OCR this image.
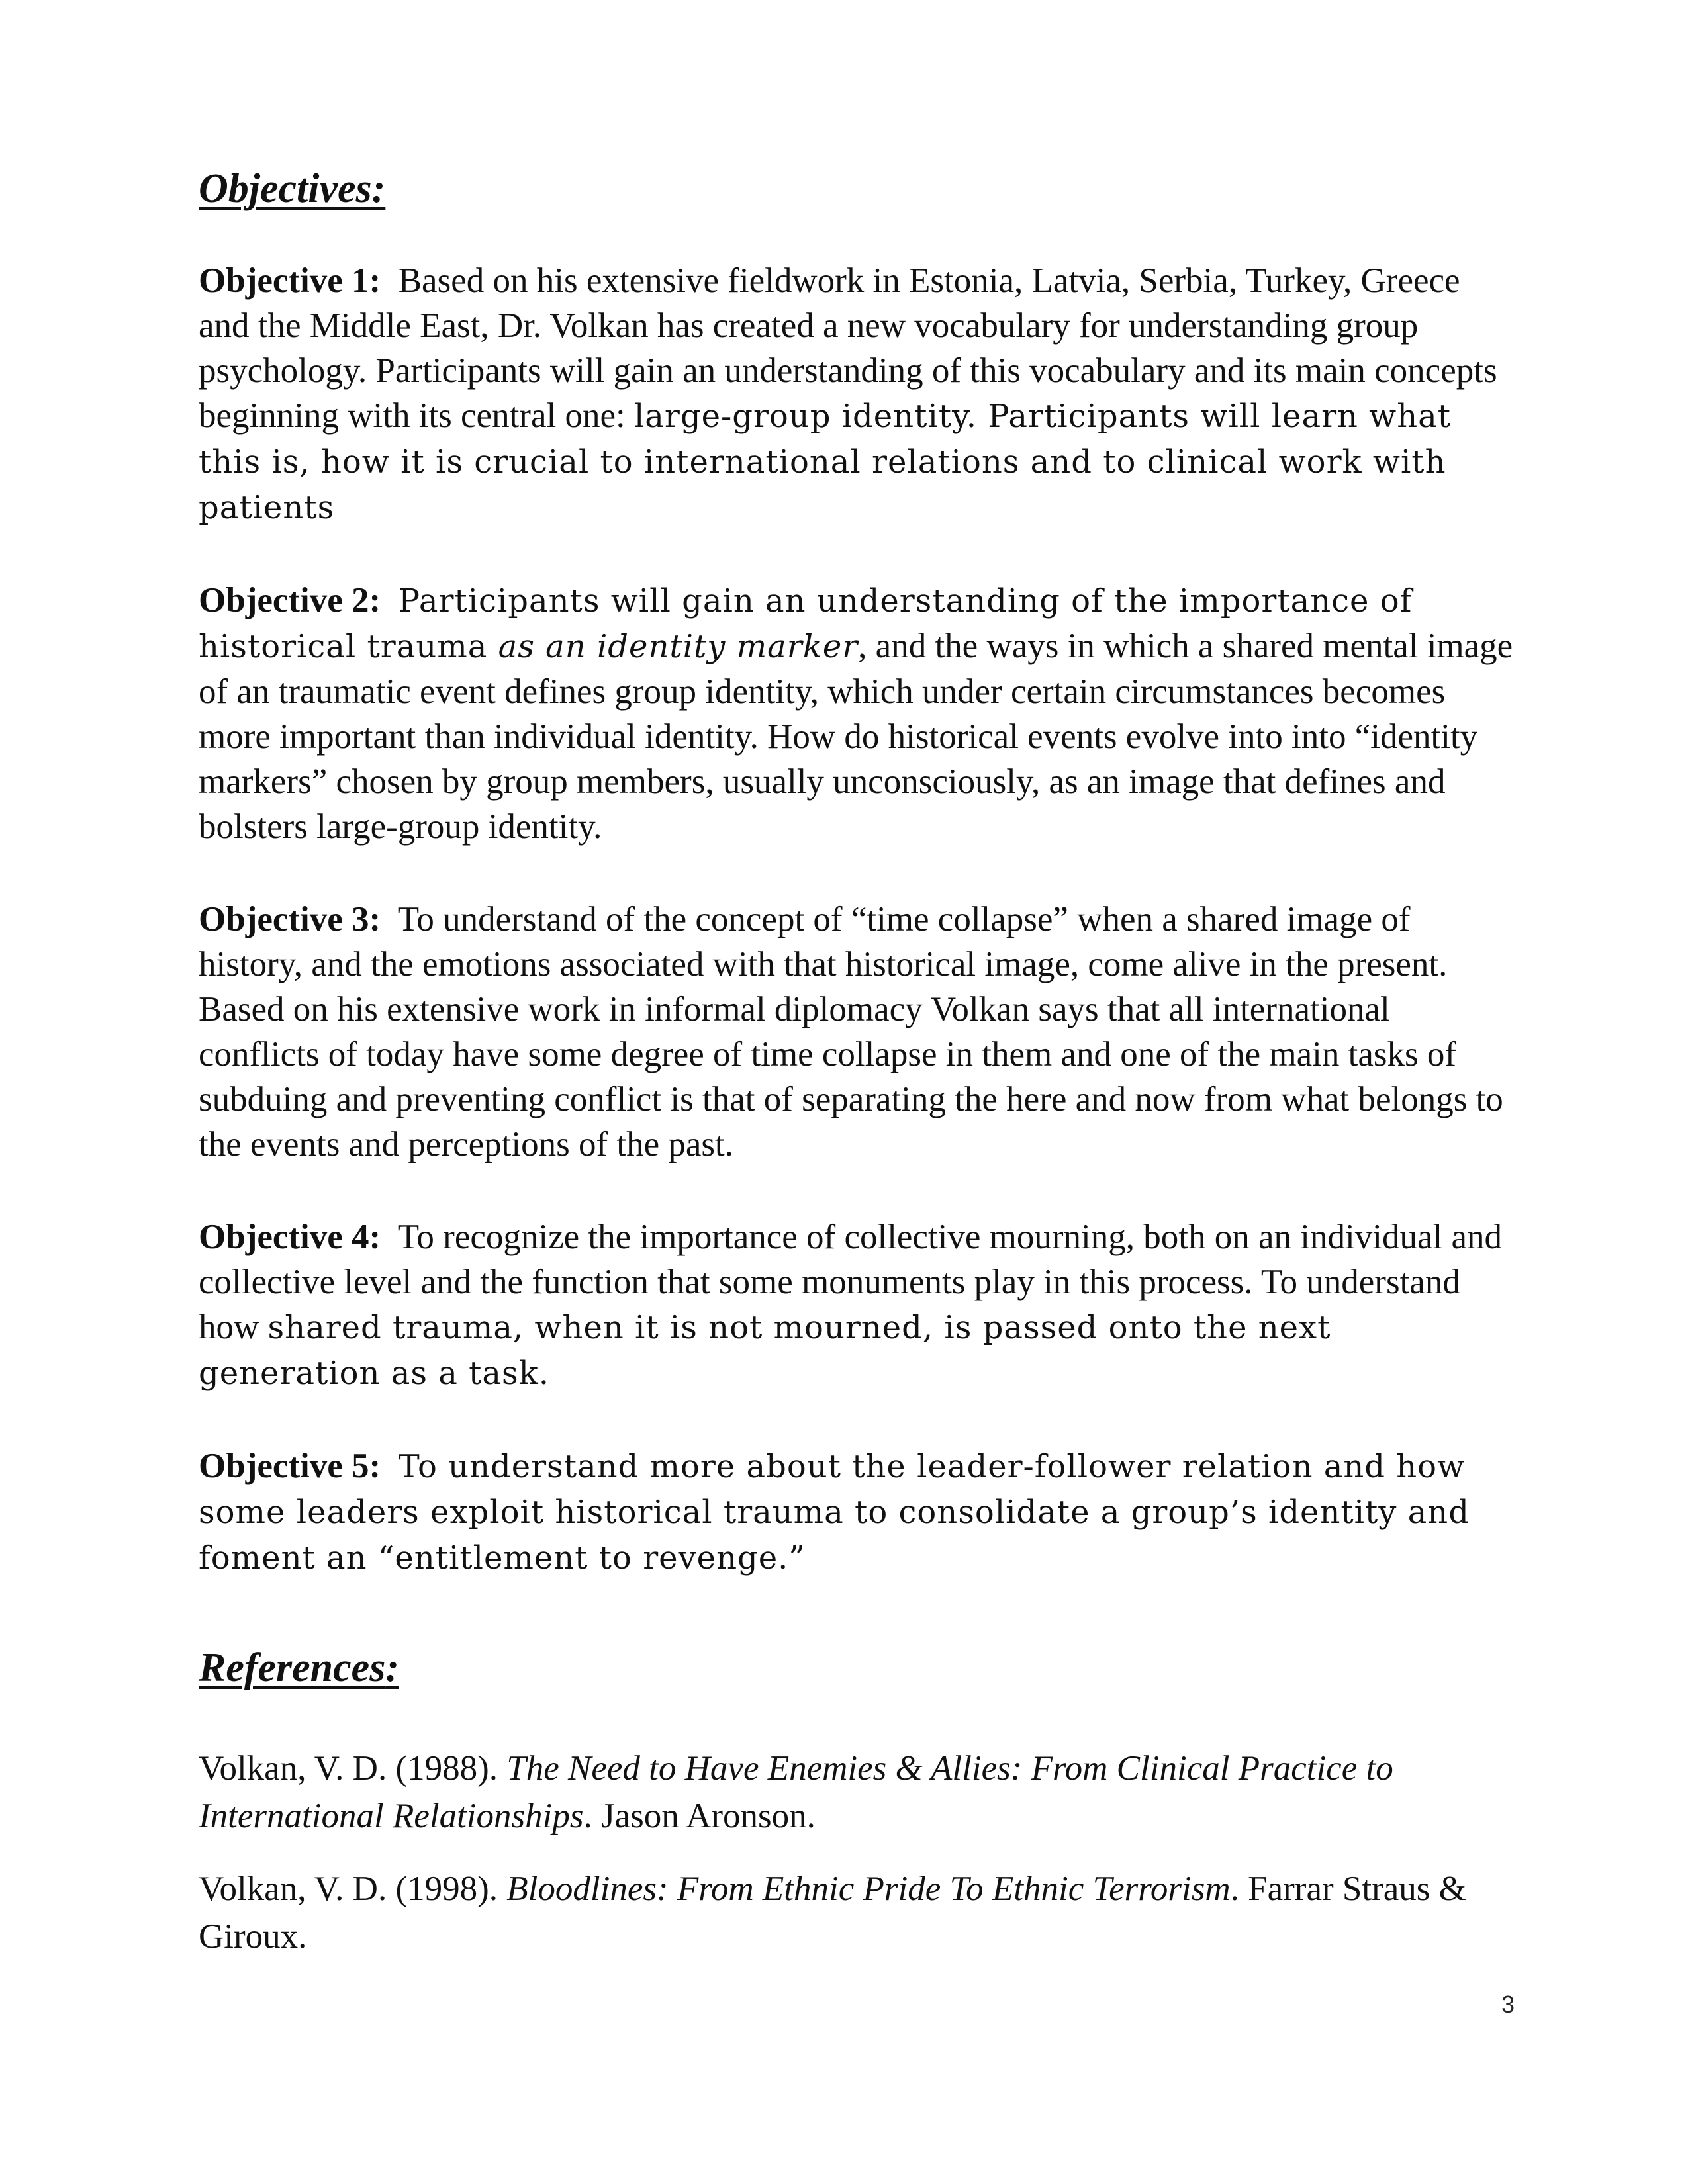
Objectives:

Objective 1: Based on his extensive fieldwork in Estonia, Latvia, Serbia, Turkey, Greece and the Middle East, Dr. Volkan has created a new vocabulary for understanding group psychology. Participants will gain an understanding of this vocabulary and its main concepts beginning with its central one: large-group identity. Participants will learn what this is, how it is crucial to international relations and to clinical work with patients

Objective 2: Participants will gain an understanding of the importance of historical trauma as an identity marker, and the ways in which a shared mental image of an traumatic event defines group identity, which under certain circumstances becomes more important than individual identity. How do historical events evolve into into “identity markers” chosen by group members, usually unconsciously, as an image that defines and bolsters large-group identity.

Objective 3: To understand of the concept of “time collapse” when a shared image of history, and the emotions associated with that historical image, come alive in the present. Based on his extensive work in informal diplomacy Volkan says that all international conflicts of today have some degree of time collapse in them and one of the main tasks of subduing and preventing conflict is that of separating the here and now from what belongs to the events and perceptions of the past.

Objective 4: To recognize the importance of collective mourning, both on an individual and collective level and the function that some monuments play in this process. To understand how shared trauma, when it is not mourned, is passed onto the next generation as a task.

Objective 5: To understand more about the leader-follower relation and how some leaders exploit historical trauma to consolidate a group’s identity and foment an “entitlement to revenge.”

References:

Volkan, V. D. (1988). The Need to Have Enemies & Allies: From Clinical Practice to International Relationships. Jason Aronson.

Volkan, V. D. (1998). Bloodlines: From Ethnic Pride To Ethnic Terrorism. Farrar Straus & Giroux.

3
